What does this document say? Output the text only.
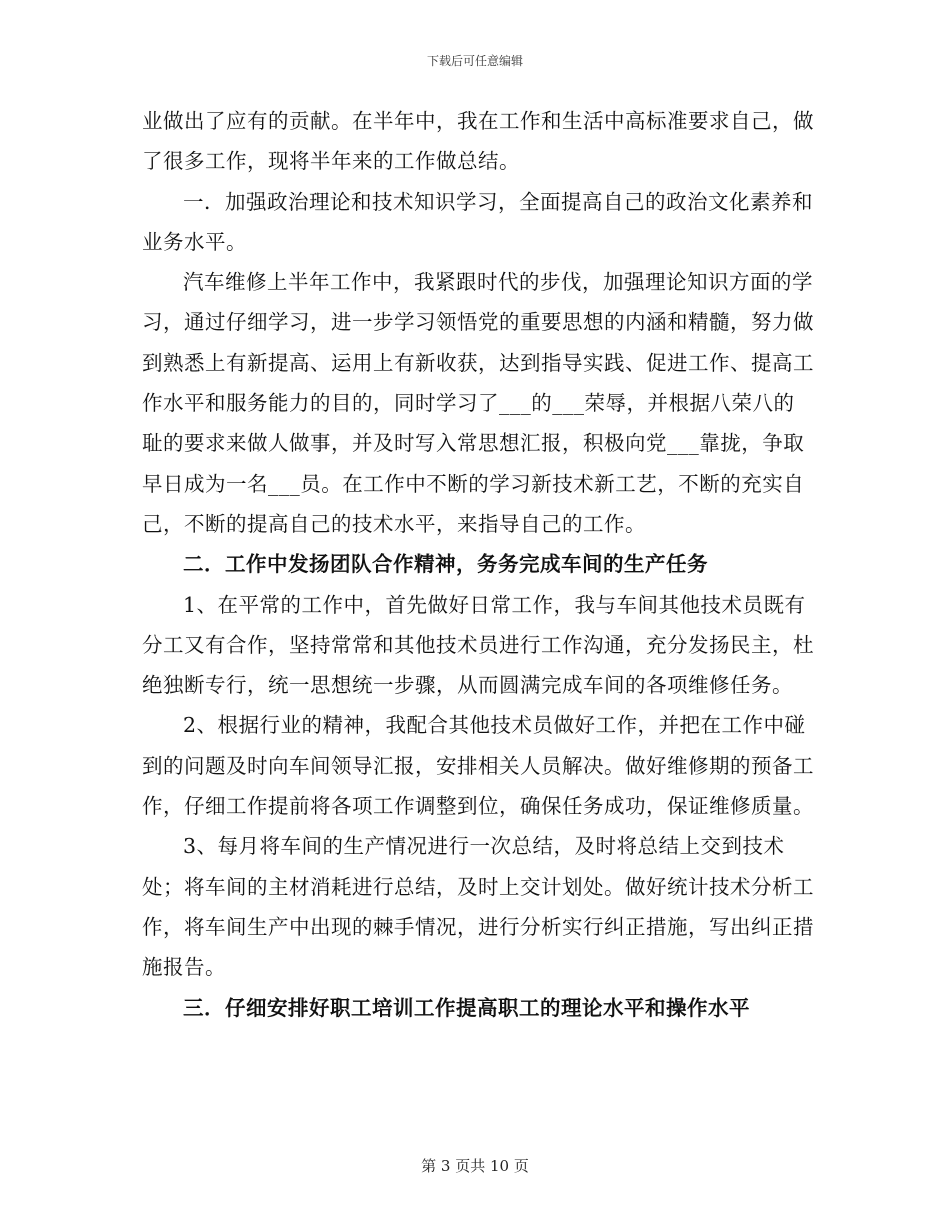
下载后可任意编辑

业做出了应有的贡献。在半年中，我在工作和生活中高标准要求自己，做了很多工作，现将半年来的工作做总结。

一．加强政治理论和技术知识学习，全面提高自己的政治文化素养和业务水平。

汽车维修上半年工作中，我紧跟时代的步伐，加强理论知识方面的学习，通过仔细学习，进一步学习领悟党的重要思想的内涵和精髓，努力做到熟悉上有新提高、运用上有新收获，达到指导实践、促进工作、提高工作水平和服务能力的目的，同时学习了___的___荣辱，并根据八荣八的耻的要求来做人做事，并及时写入常思想汇报，积极向党___靠拢，争取早日成为一名___员。在工作中不断的学习新技术新工艺，不断的充实自己，不断的提高自己的技术水平，来指导自己的工作。

二．工作中发扬团队合作精神，务务完成车间的生产任务

1、在平常的工作中，首先做好日常工作，我与车间其他技术员既有分工又有合作，坚持常常和其他技术员进行工作沟通，充分发扬民主，杜绝独断专行，统一思想统一步骤，从而圆满完成车间的各项维修任务。

2、根据行业的精神，我配合其他技术员做好工作，并把在工作中碰到的问题及时向车间领导汇报，安排相关人员解决。做好维修期的预备工作，仔细工作提前将各项工作调整到位，确保任务成功，保证维修质量。

3、每月将车间的生产情况进行一次总结，及时将总结上交到技术处；将车间的主材消耗进行总结，及时上交计划处。做好统计技术分析工作，将车间生产中出现的棘手情况，进行分析实行纠正措施，写出纠正措施报告。

三．仔细安排好职工培训工作提高职工的理论水平和操作水平

第 3 页共 10 页
